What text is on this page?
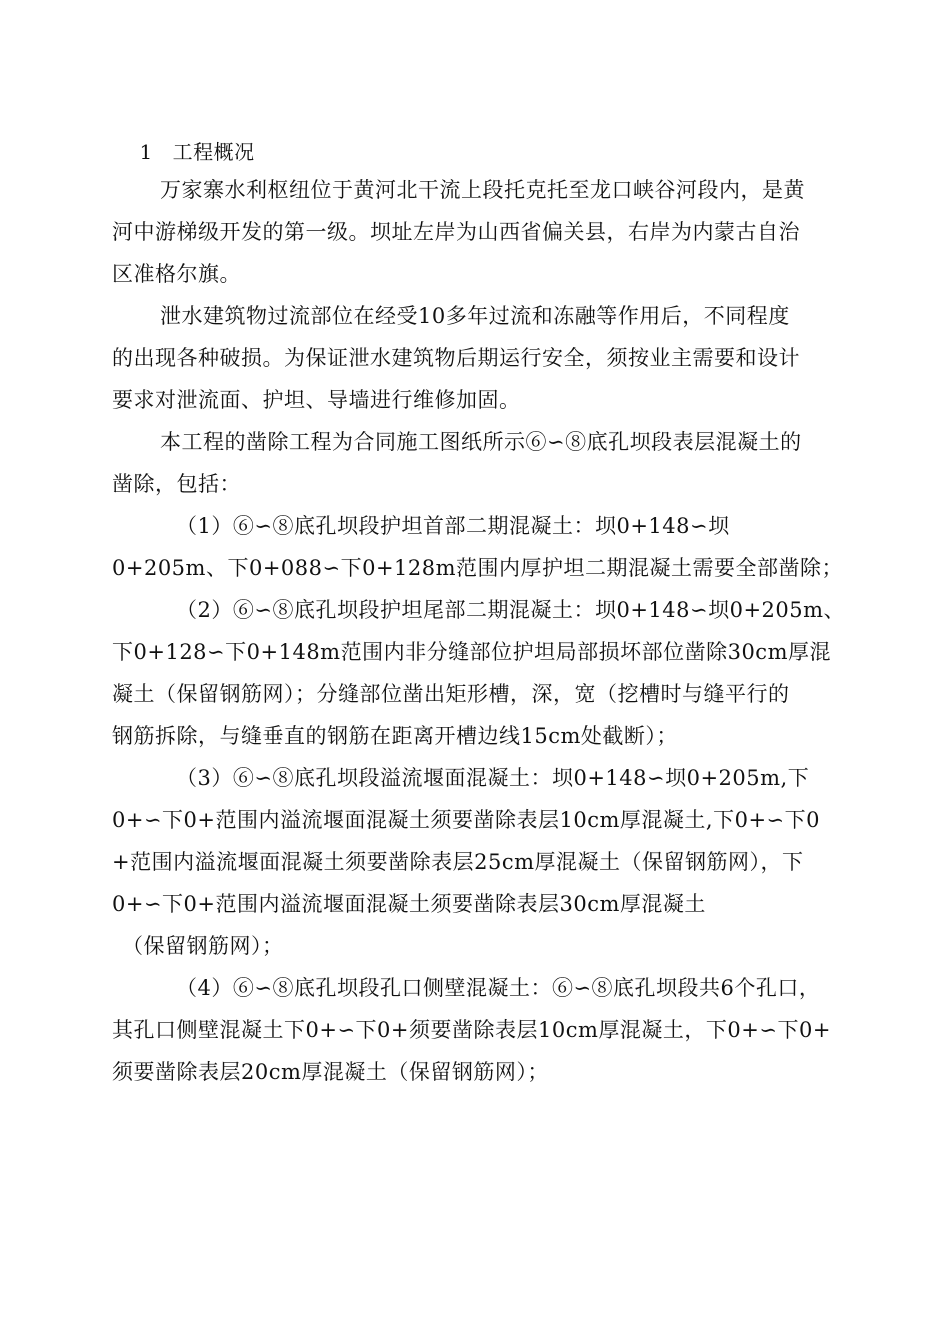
1 工程概况

万家寨水利枢纽位于黄河北干流上段托克托至龙口峡谷河段内，是黄
河中游梯级开发的第一级。坝址左岸为山西省偏关县，右岸为内蒙古自治
区准格尔旗。
泄水建筑物过流部位在经受10多年过流和冻融等作用后，不同程度
的出现各种破损。为保证泄水建筑物后期运行安全，须按业主需要和设计
要求对泄流面、护坦、导墙进行维修加固。
本工程的凿除工程为合同施工图纸所示⑥∽⑧底孔坝段表层混凝土的
凿除，包括：
（1）⑥∽⑧底孔坝段护坦首部二期混凝土：坝0+148∽坝
0+205m、下0+088∽下0+128m范围内厚护坦二期混凝土需要全部凿除；
（2）⑥∽⑧底孔坝段护坦尾部二期混凝土：坝0+148∽坝0+205m、
下0+128∽下0+148m范围内非分缝部位护坦局部损坏部位凿除30cm厚混
凝土（保留钢筋网）；分缝部位凿出矩形槽，深，宽（挖槽时与缝平行的
钢筋拆除，与缝垂直的钢筋在距离开槽边线15cm处截断）；
（3）⑥∽⑧底孔坝段溢流堰面混凝土：坝0+148∽坝0+205m,下
0+∽下0+范围内溢流堰面混凝土须要凿除表层10cm厚混凝土,下0+∽下0
+范围内溢流堰面混凝土须要凿除表层25cm厚混凝土（保留钢筋网），下
0+∽下0+范围内溢流堰面混凝土须要凿除表层30cm厚混凝土
（保留钢筋网）；
（4）⑥∽⑧底孔坝段孔口侧壁混凝土：⑥∽⑧底孔坝段共6个孔口，
其孔口侧壁混凝土下0+∽下0+须要凿除表层10cm厚混凝土，下0+∽下0+
须要凿除表层20cm厚混凝土（保留钢筋网）；
